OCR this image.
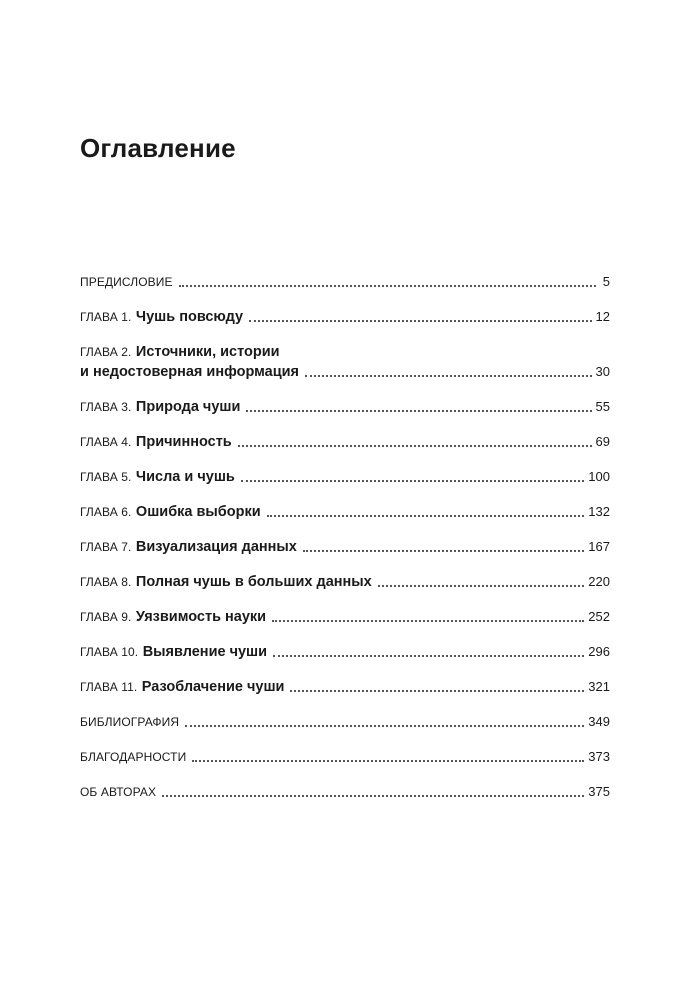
Оглавление
ПРЕДИСЛОВИЕ	5
ГЛАВА 1. Чушь повсюду	12
ГЛАВА 2. Источники, истории
и недостоверная информация	30
ГЛАВА 3. Природа чуши	55
ГЛАВА 4. Причинность	69
ГЛАВА 5. Числа и чушь	100
ГЛАВА 6. Ошибка выборки	132
ГЛАВА 7. Визуализация данных	167
ГЛАВА 8. Полная чушь в больших данных	220
ГЛАВА 9. Уязвимость науки	252
ГЛАВА 10. Выявление чуши	296
ГЛАВА 11. Разоблачение чуши	321
БИБЛИОГРАФИЯ	349
БЛАГОДАРНОСТИ	373
ОБ АВТОРАХ	375
